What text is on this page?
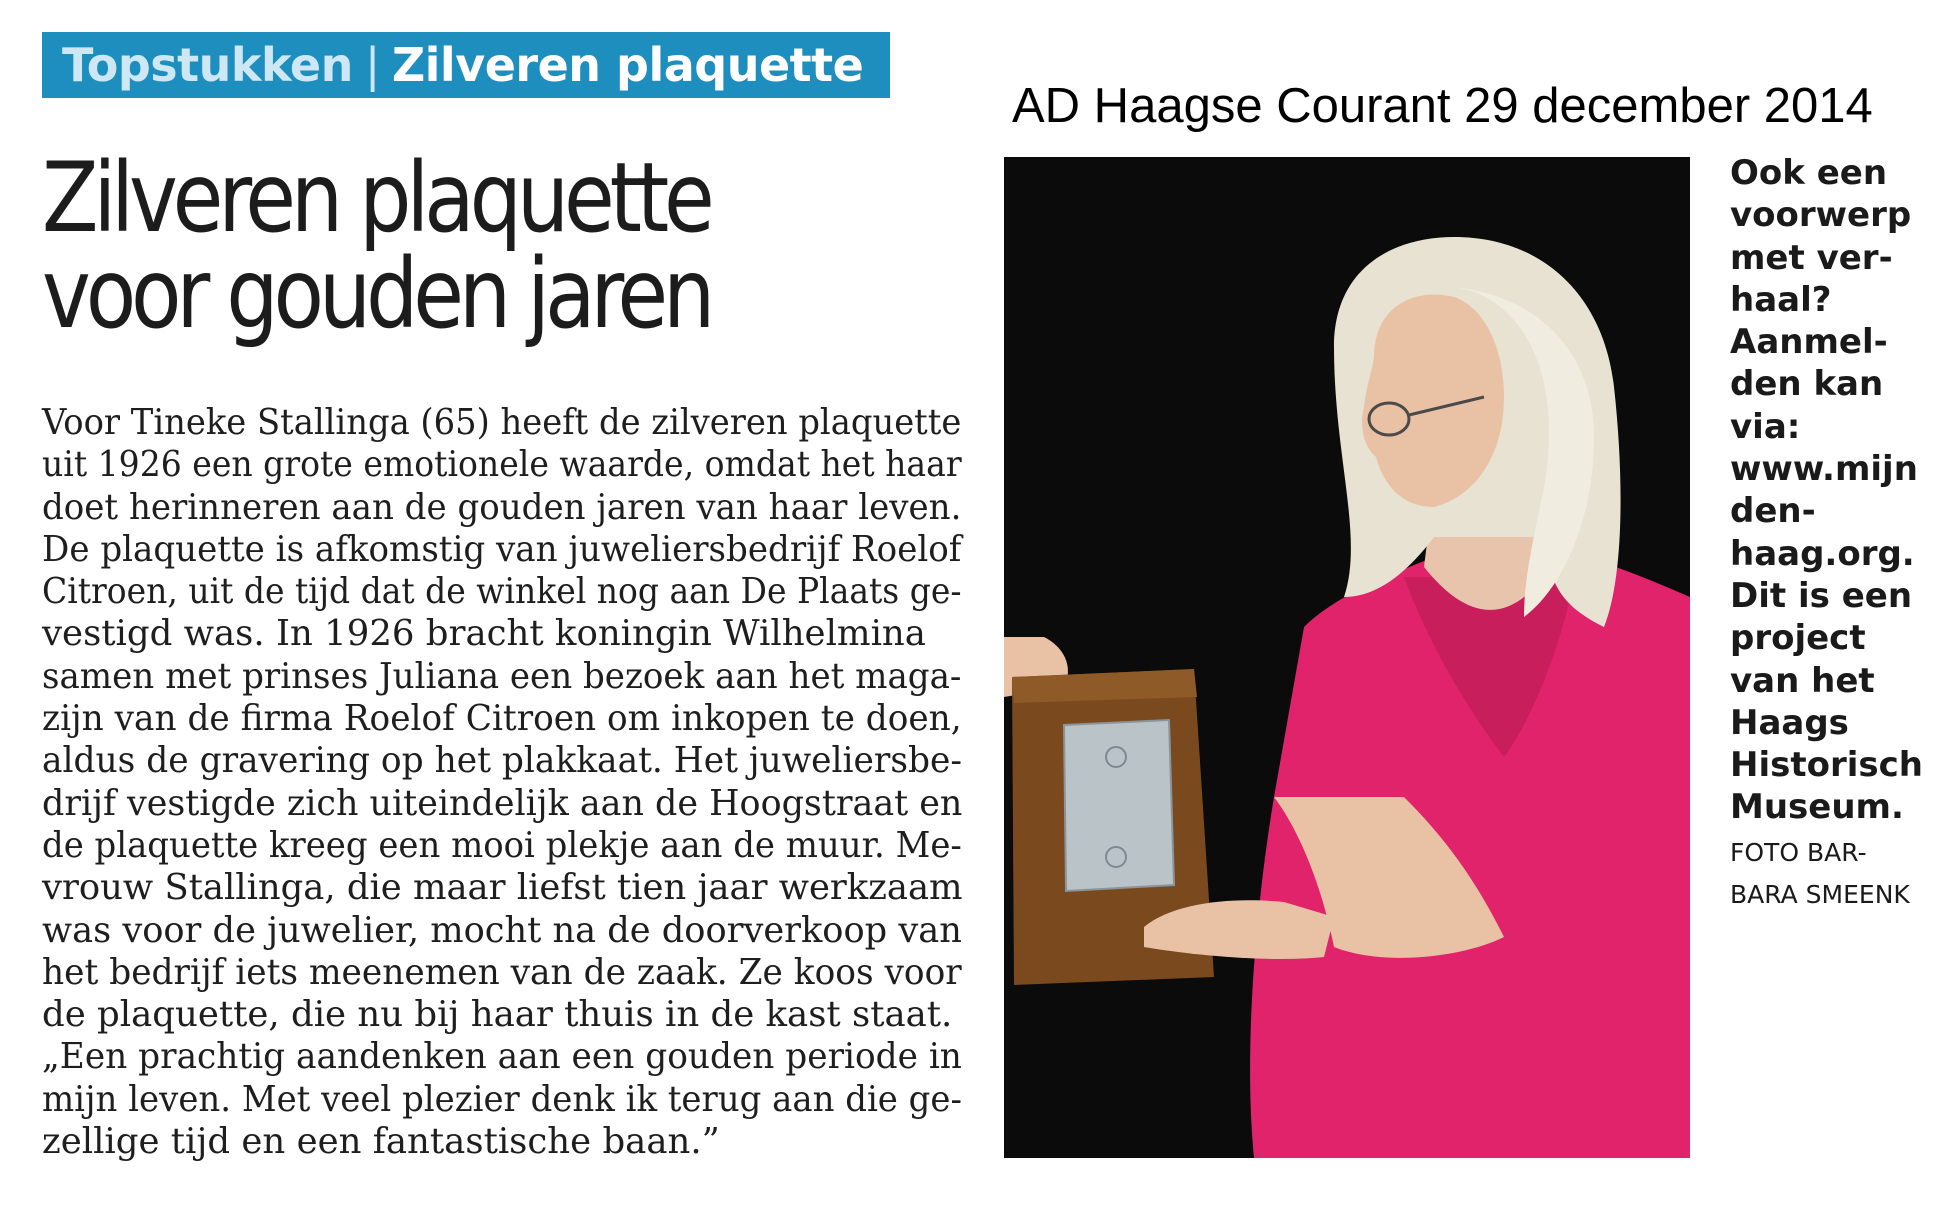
Topstukken | Zilveren plaquette
AD Haagse Courant 29 december 2014
Zilveren plaquette
voor gouden jaren
Voor Tineke Stallinga (65) heeft de zilveren plaquette
uit 1926 een grote emotionele waarde, omdat het haar
doet herinneren aan de gouden jaren van haar leven.
De plaquette is afkomstig van juweliersbedrijf Roelof
Citroen, uit de tijd dat de winkel nog aan De Plaats ge-
vestigd was. In 1926 bracht koningin Wilhelmina
samen met prinses Juliana een bezoek aan het maga-
zijn van de firma Roelof Citroen om inkopen te doen,
aldus de gravering op het plakkaat. Het juweliersbe-
drijf vestigde zich uiteindelijk aan de Hoogstraat en
de plaquette kreeg een mooi plekje aan de muur. Me-
vrouw Stallinga, die maar liefst tien jaar werkzaam
was voor de juwelier, mocht na de doorverkoop van
het bedrijf iets meenemen van de zaak. Ze koos voor
de plaquette, die nu bij haar thuis in de kast staat.
„Een prachtig aandenken aan een gouden periode in
mijn leven. Met veel plezier denk ik terug aan die ge-
zellige tijd en een fantastische baan.”
Ook een
voorwerp
met ver-
haal?
Aanmel-
den kan
via:
www.mijn
den-
haag.org.
Dit is een
project
van het
Haags
Historisch
Museum.
FOTO BAR-
BARA SMEENK
